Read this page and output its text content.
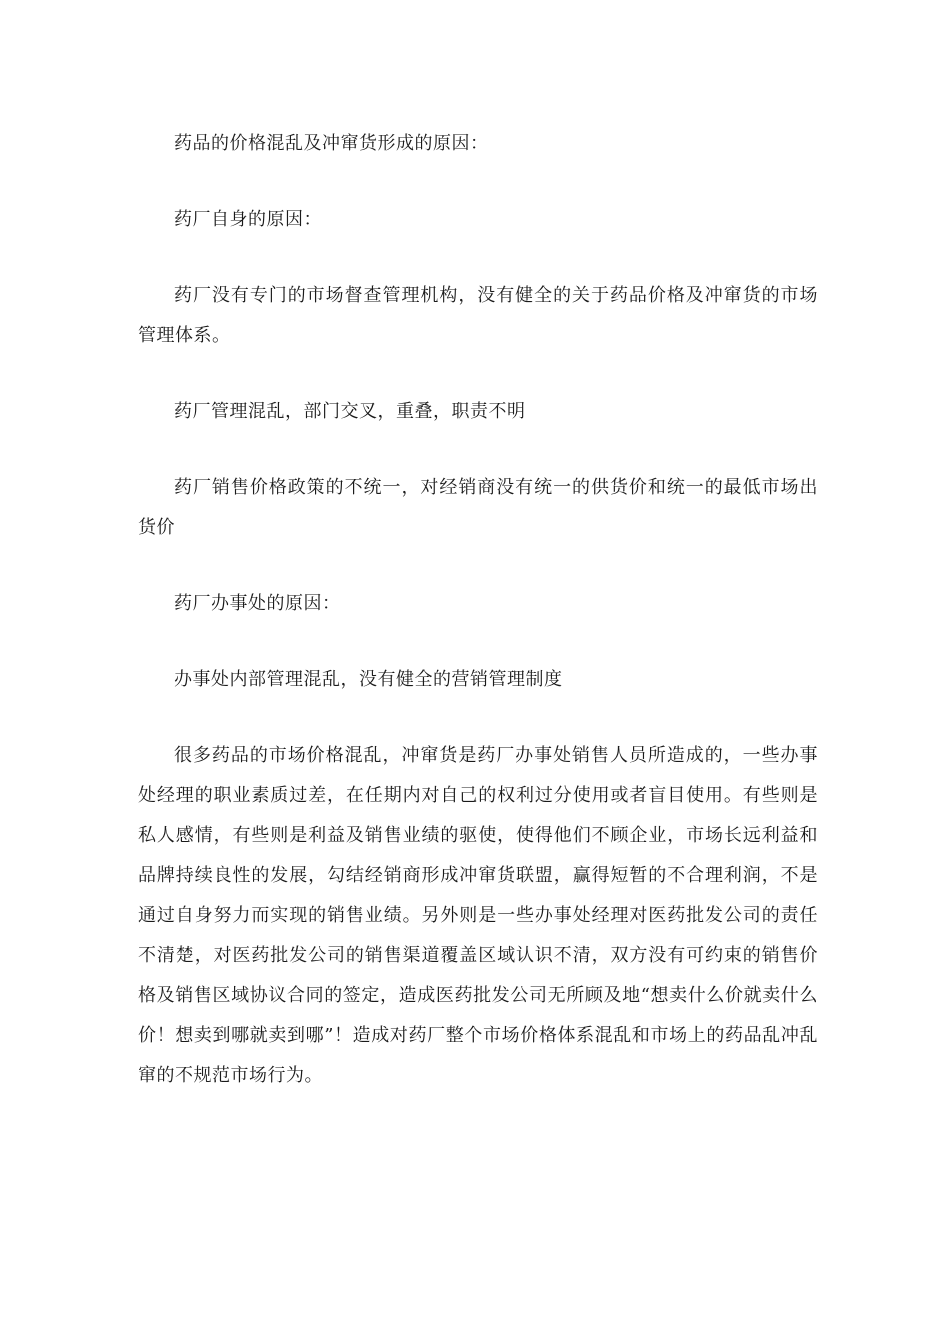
药品的价格混乱及冲窜货形成的原因：

药厂自身的原因：

药厂没有专门的市场督查管理机构，没有健全的关于药品价格及冲窜货的市场管理体系。

药厂管理混乱，部门交叉，重叠，职责不明

药厂销售价格政策的不统一，对经销商没有统一的供货价和统一的最低市场出货价

药厂办事处的原因：

办事处内部管理混乱，没有健全的营销管理制度

很多药品的市场价格混乱，冲窜货是药厂办事处销售人员所造成的，一些办事处经理的职业素质过差，在任期内对自己的权利过分使用或者盲目使用。有些则是私人感情，有些则是利益及销售业绩的驱使，使得他们不顾企业，市场长远利益和品牌持续良性的发展，勾结经销商形成冲窜货联盟，赢得短暂的不合理利润，不是通过自身努力而实现的销售业绩。另外则是一些办事处经理对医药批发公司的责任不清楚，对医药批发公司的销售渠道覆盖区域认识不清，双方没有可约束的销售价格及销售区域协议合同的签定，造成医药批发公司无所顾及地“想卖什么价就卖什么价！想卖到哪就卖到哪”！造成对药厂整个市场价格体系混乱和市场上的药品乱冲乱窜的不规范市场行为。
